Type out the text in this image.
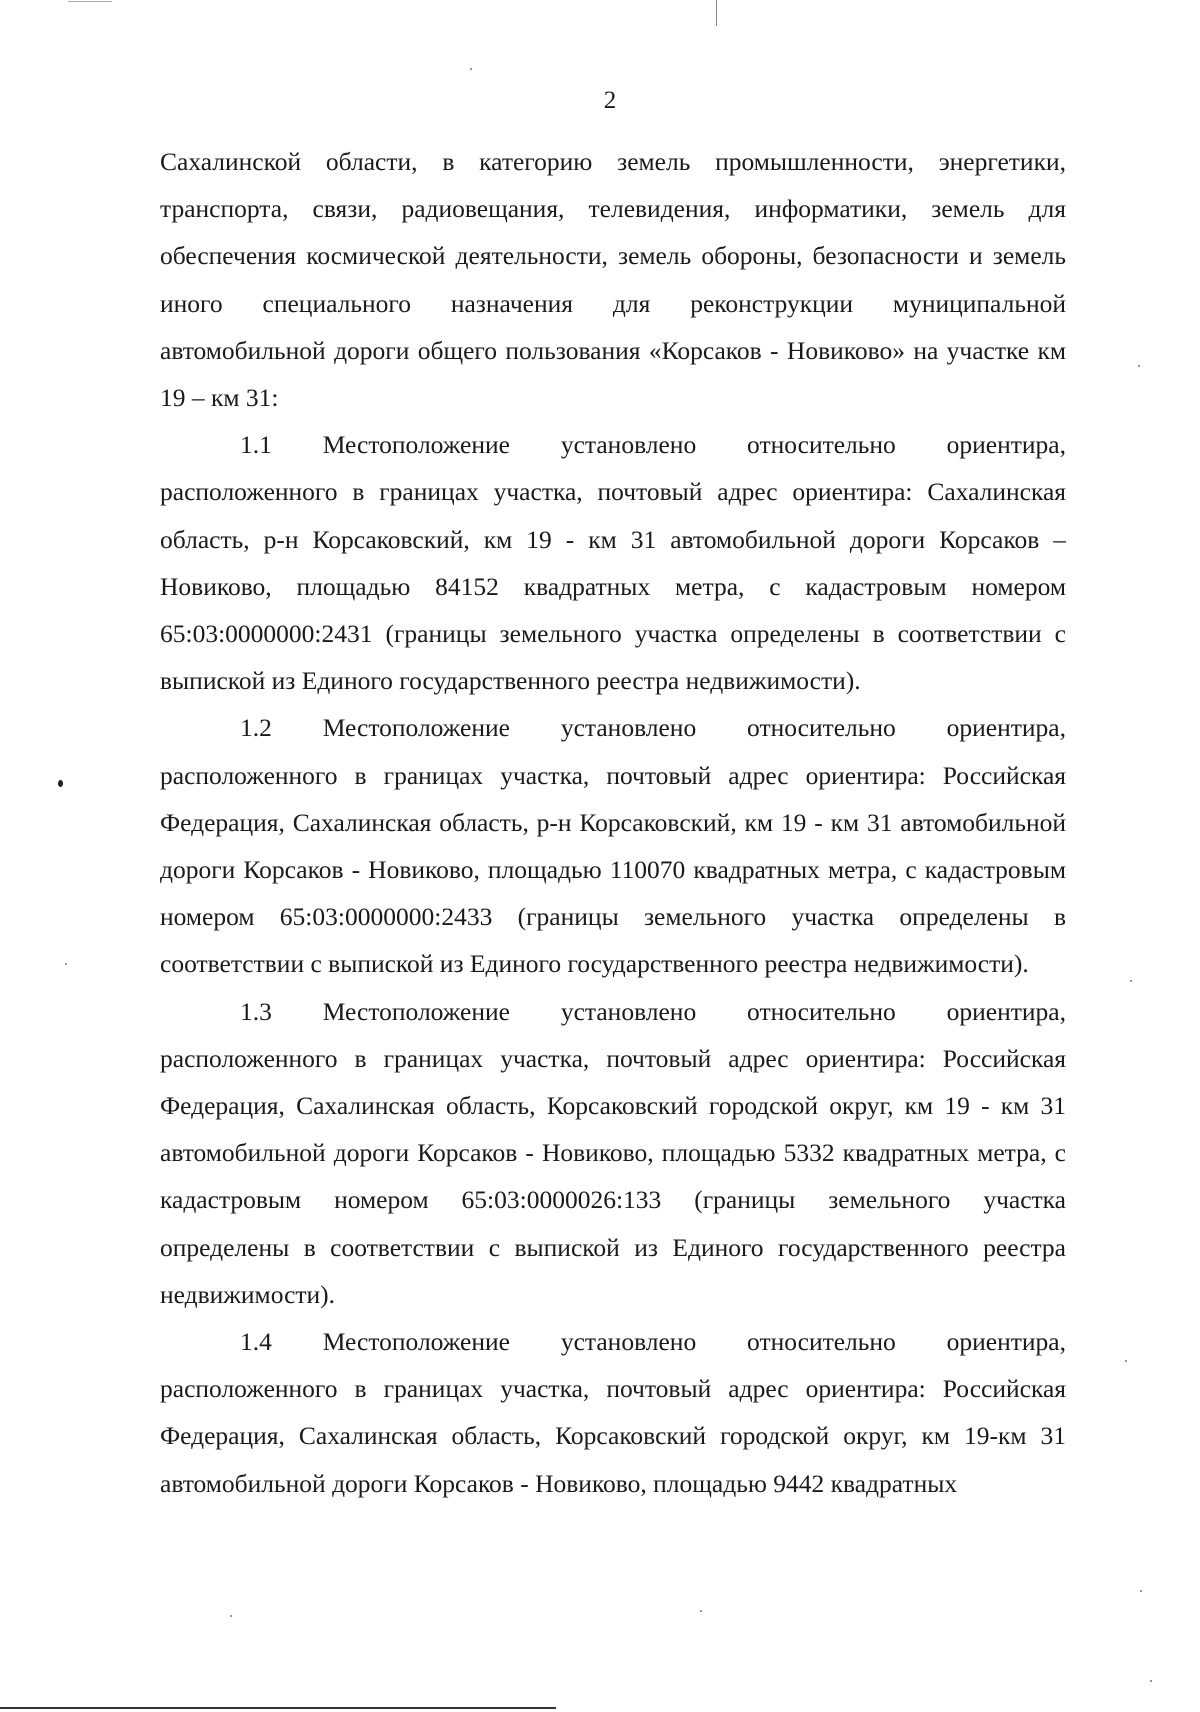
2

Сахалинской области, в категорию земель промышленности, энергетики, транспорта, связи, радиовещания, телевидения, информатики, земель для обеспечения космической деятельности, земель обороны, безопасности и земель иного специального назначения для реконструкции муниципальной автомобильной дороги общего пользования «Корсаков - Новиково» на участке км 19 – км 31:

1.1 Местоположение установлено относительно ориентира, расположенного в границах участка, почтовый адрес ориентира: Сахалинская область, р-н Корсаковский, км 19 - км 31 автомобильной дороги Корсаков – Новиково, площадью 84152 квадратных метра, с кадастровым номером 65:03:0000000:2431 (границы земельного участка определены в соответствии с выпиской из Единого государственного реестра недвижимости).

1.2 Местоположение установлено относительно ориентира, расположенного в границах участка, почтовый адрес ориентира: Российская Федерация, Сахалинская область, р-н Корсаковский, км 19 - км 31 автомобильной дороги Корсаков - Новиково, площадью 110070 квадратных метра, с кадастровым номером 65:03:0000000:2433 (границы земельного участка определены в соответствии с выпиской из Единого государственного реестра недвижимости).

1.3 Местоположение установлено относительно ориентира, расположенного в границах участка, почтовый адрес ориентира: Российская Федерация, Сахалинская область, Корсаковский городской округ, км 19 - км 31 автомобильной дороги Корсаков - Новиково, площадью 5332 квадратных метра, с кадастровым номером 65:03:0000026:133 (границы земельного участка определены в соответствии с выпиской из Единого государственного реестра недвижимости).

1.4 Местоположение установлено относительно ориентира, расположенного в границах участка, почтовый адрес ориентира: Российская Федерация, Сахалинская область, Корсаковский городской округ, км 19-км 31 автомобильной дороги Корсаков - Новиково, площадью 9442 квадратных
